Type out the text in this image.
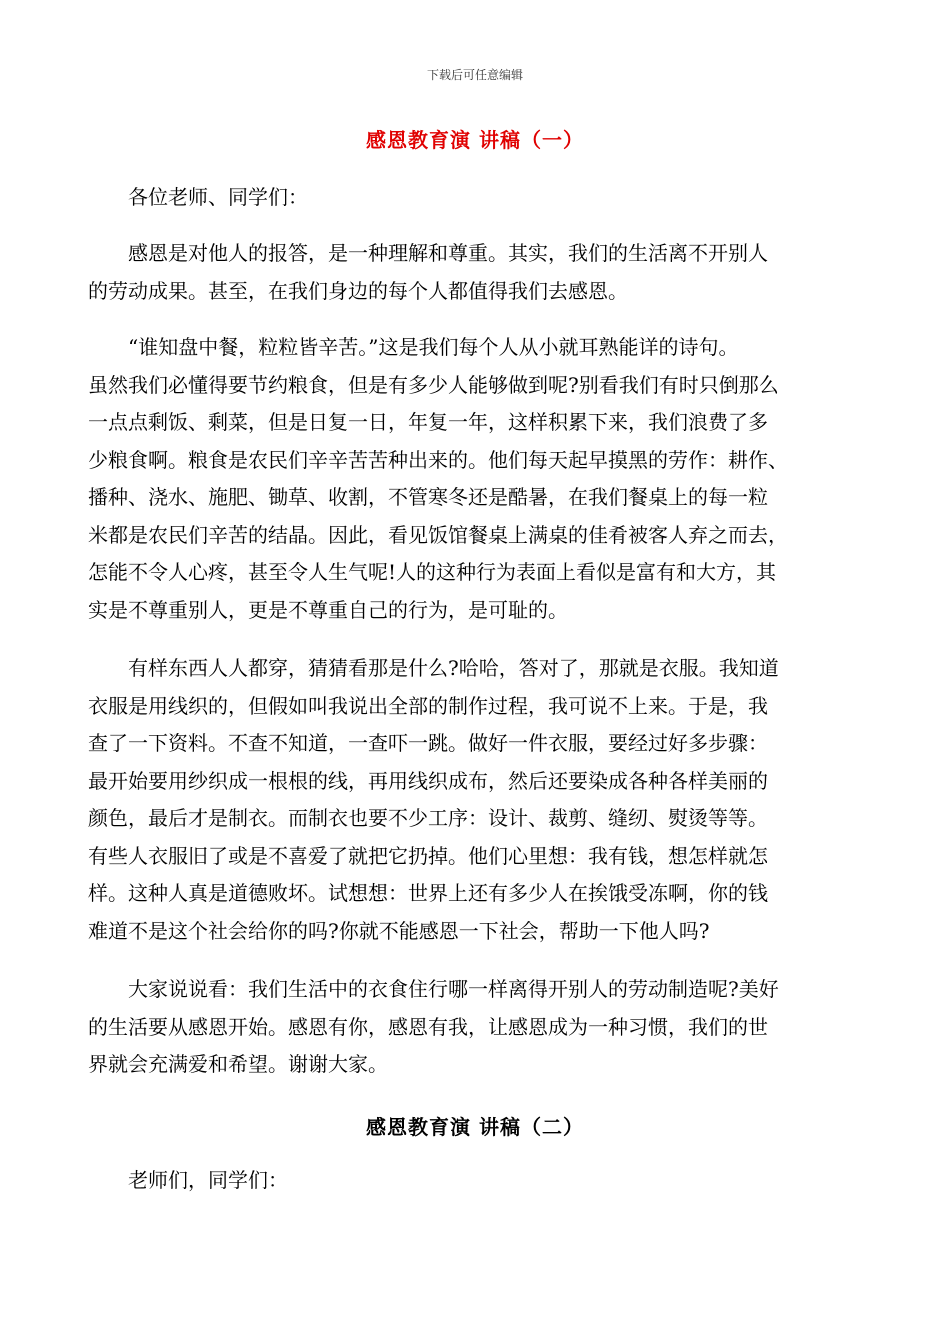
下载后可任意编辑
感恩教育演 讲稿（一）

　　各位老师、同学们：

　　感恩是对他人的报答，是一种理解和尊重。其实，我们的生活离不开别人
的劳动成果。甚至，在我们身边的每个人都值得我们去感恩。

　　“谁知盘中餐，粒粒皆辛苦。”这是我们每个人从小就耳熟能详的诗句。
虽然我们必懂得要节约粮食，但是有多少人能够做到呢?别看我们有时只倒那么
一点点剩饭、剩菜，但是日复一日，年复一年，这样积累下来，我们浪费了多
少粮食啊。粮食是农民们辛辛苦苦种出来的。他们每天起早摸黑的劳作：耕作、
播种、浇水、施肥、锄草、收割，不管寒冬还是酷暑，在我们餐桌上的每一粒
米都是农民们辛苦的结晶。因此，看见饭馆餐桌上满桌的佳肴被客人弃之而去，
怎能不令人心疼，甚至令人生气呢!人的这种行为表面上看似是富有和大方，其
实是不尊重别人，更是不尊重自己的行为，是可耻的。

　　有样东西人人都穿，猜猜看那是什么?哈哈，答对了，那就是衣服。我知道
衣服是用线织的，但假如叫我说出全部的制作过程，我可说不上来。于是，我
查了一下资料。不查不知道，一查吓一跳。做好一件衣服，要经过好多步骤：
最开始要用纱织成一根根的线，再用线织成布，然后还要染成各种各样美丽的
颜色，最后才是制衣。而制衣也要不少工序：设计、裁剪、缝纫、熨烫等等。
有些人衣服旧了或是不喜爱了就把它扔掉。他们心里想：我有钱，想怎样就怎
样。这种人真是道德败坏。试想想：世界上还有多少人在挨饿受冻啊，你的钱
难道不是这个社会给你的吗?你就不能感恩一下社会，帮助一下他人吗?

　　大家说说看：我们生活中的衣食住行哪一样离得开别人的劳动制造呢?美好
的生活要从感恩开始。感恩有你，感恩有我，让感恩成为一种习惯，我们的世
界就会充满爱和希望。谢谢大家。

感恩教育演 讲稿（二）

　　老师们，同学们：
